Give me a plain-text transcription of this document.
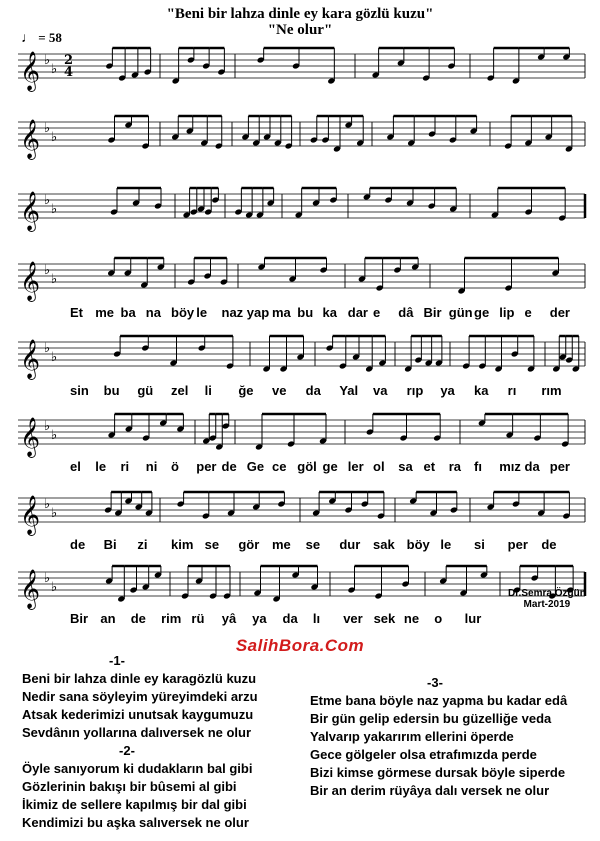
"Beni bir lahza dinle ey kara gözlü kuzu"
"Ne olur"
♩ = 58
𝄞 ♭
♭
2
4
𝄞 ♭
♭
𝄞 ♭
♭
𝄞 ♭
♭
𝄞 ♭
♭
𝄞 ♭
♭
𝄞 ♭
♭
𝄞 ♭
♭
Et me ba na böy le naz yap ma bu ka dar e dâ Bir gün ge lip e der
sin bu gü zel li ğe ve da Yal va rıp ya ka rı rım
el le ri ni ö per de Ge ce göl ge ler ol sa et ra fı mız da per
de Bi zi kim se gör me se dur sak böy le si per de
Bir an de rim rü yâ ya da lı ver sek ne o lur
Dr.Semra Özgün
Mart-2019
SalihBora.Com
-1-
Beni bir lahza dinle ey karagözlü kuzu
Nedir sana söyleyim yüreyimdeki arzu
Atsak kederimizi unutsak kaygumuzu
Sevdânın yollarına dalıversek ne olur
-2-
Öyle sanıyorum ki dudakların bal gibi
Gözlerinin bakışı bir bûsemi al gibi
İkimiz de sellere kapılmış bir dal gibi
Kendimizi bu aşka salıversek ne olur
-3-
Etme bana böyle naz yapma bu kadar edâ
Bir gün gelip edersin bu güzelliğe veda
Yalvarıp yakarırım ellerini öperde
Gece gölgeler olsa etrafımızda perde
Bizi kimse görmese dursak böyle siperde
Bir an derim rüyâya dalı versek ne olur
